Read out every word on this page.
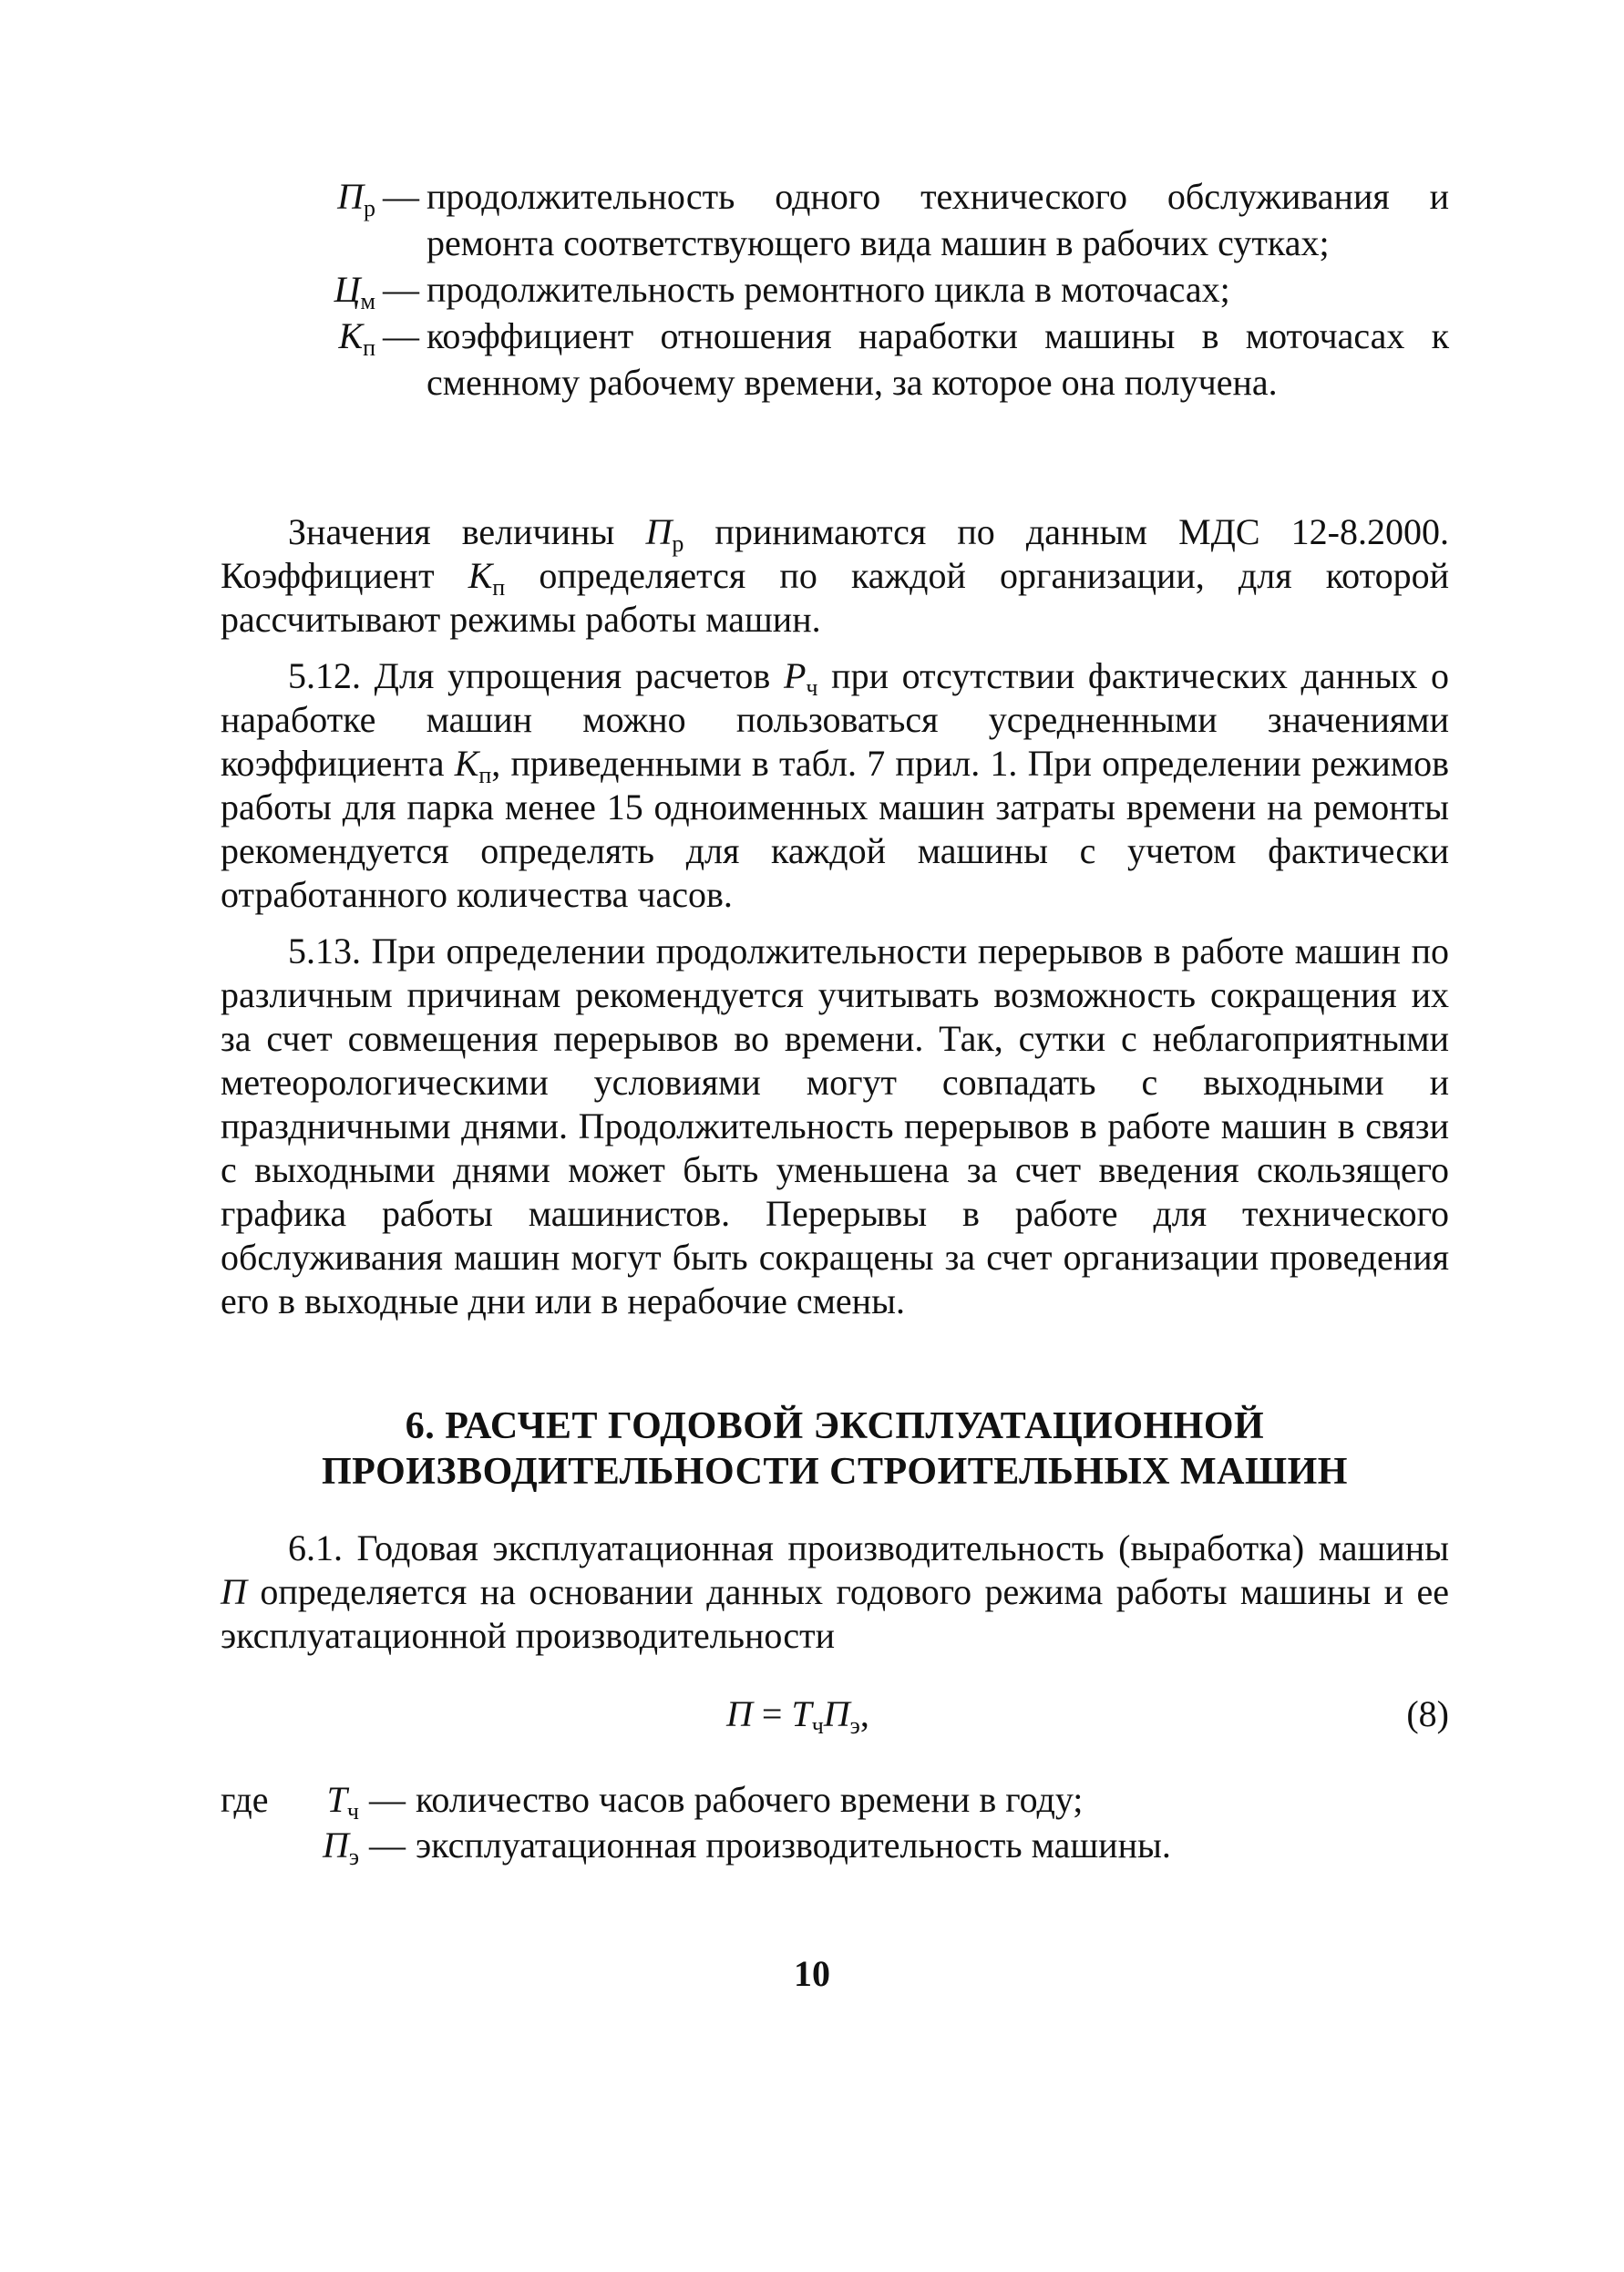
$П_р$ — продолжительность одного технического обслуживания и ремонта соответствующего вида машин в рабочих сутках;
$Ц_м$ — продолжительность ремонтного цикла в моточасах;
$К_п$ — коэффициент отношения наработки машины в моточасах к сменному рабочему времени, за которое она получена.

Значения величины $П_р$ принимаются по данным МДС 12-8.2000. Коэффициент $К_п$ определяется по каждой организации, для которой рассчитывают режимы работы машин.

5.12. Для упрощения расчетов $Р_ч$ при отсутствии фактических данных о наработке машин можно пользоваться усредненными значениями коэффициента $К_п$, приведенными в табл. 7 прил. 1. При определении режимов работы для парка менее 15 одноименных машин затраты времени на ремонты рекомендуется определять для каждой машины с учетом фактически отработанного количества часов.

5.13. При определении продолжительности перерывов в работе машин по различным причинам рекомендуется учитывать возможность сокращения их за счет совмещения перерывов во времени. Так, сутки с неблагоприятными метеорологическими условиями могут совпадать с выходными и праздничными днями. Продолжительность перерывов в работе машин в связи с выходными днями может быть уменьшена за счет введения скользящего графика работы машинистов. Перерывы в работе для технического обслуживания машин могут быть сокращены за счет организации проведения его в выходные дни или в нерабочие смены.

6. РАСЧЕТ ГОДОВОЙ ЭКСПЛУАТАЦИОННОЙ
ПРОИЗВОДИТЕЛЬНОСТИ СТРОИТЕЛЬНЫХ МАШИН

6.1. Годовая эксплуатационная производительность (выработка) машины П определяется на основании данных годового режима работы машины и ее эксплуатационной производительности

$П = Т_чП_э$,	(8)
где	$Т_ч$ — количество часов рабочего времени в году;
$П_э$ — эксплуатационная производительность машины.
10
